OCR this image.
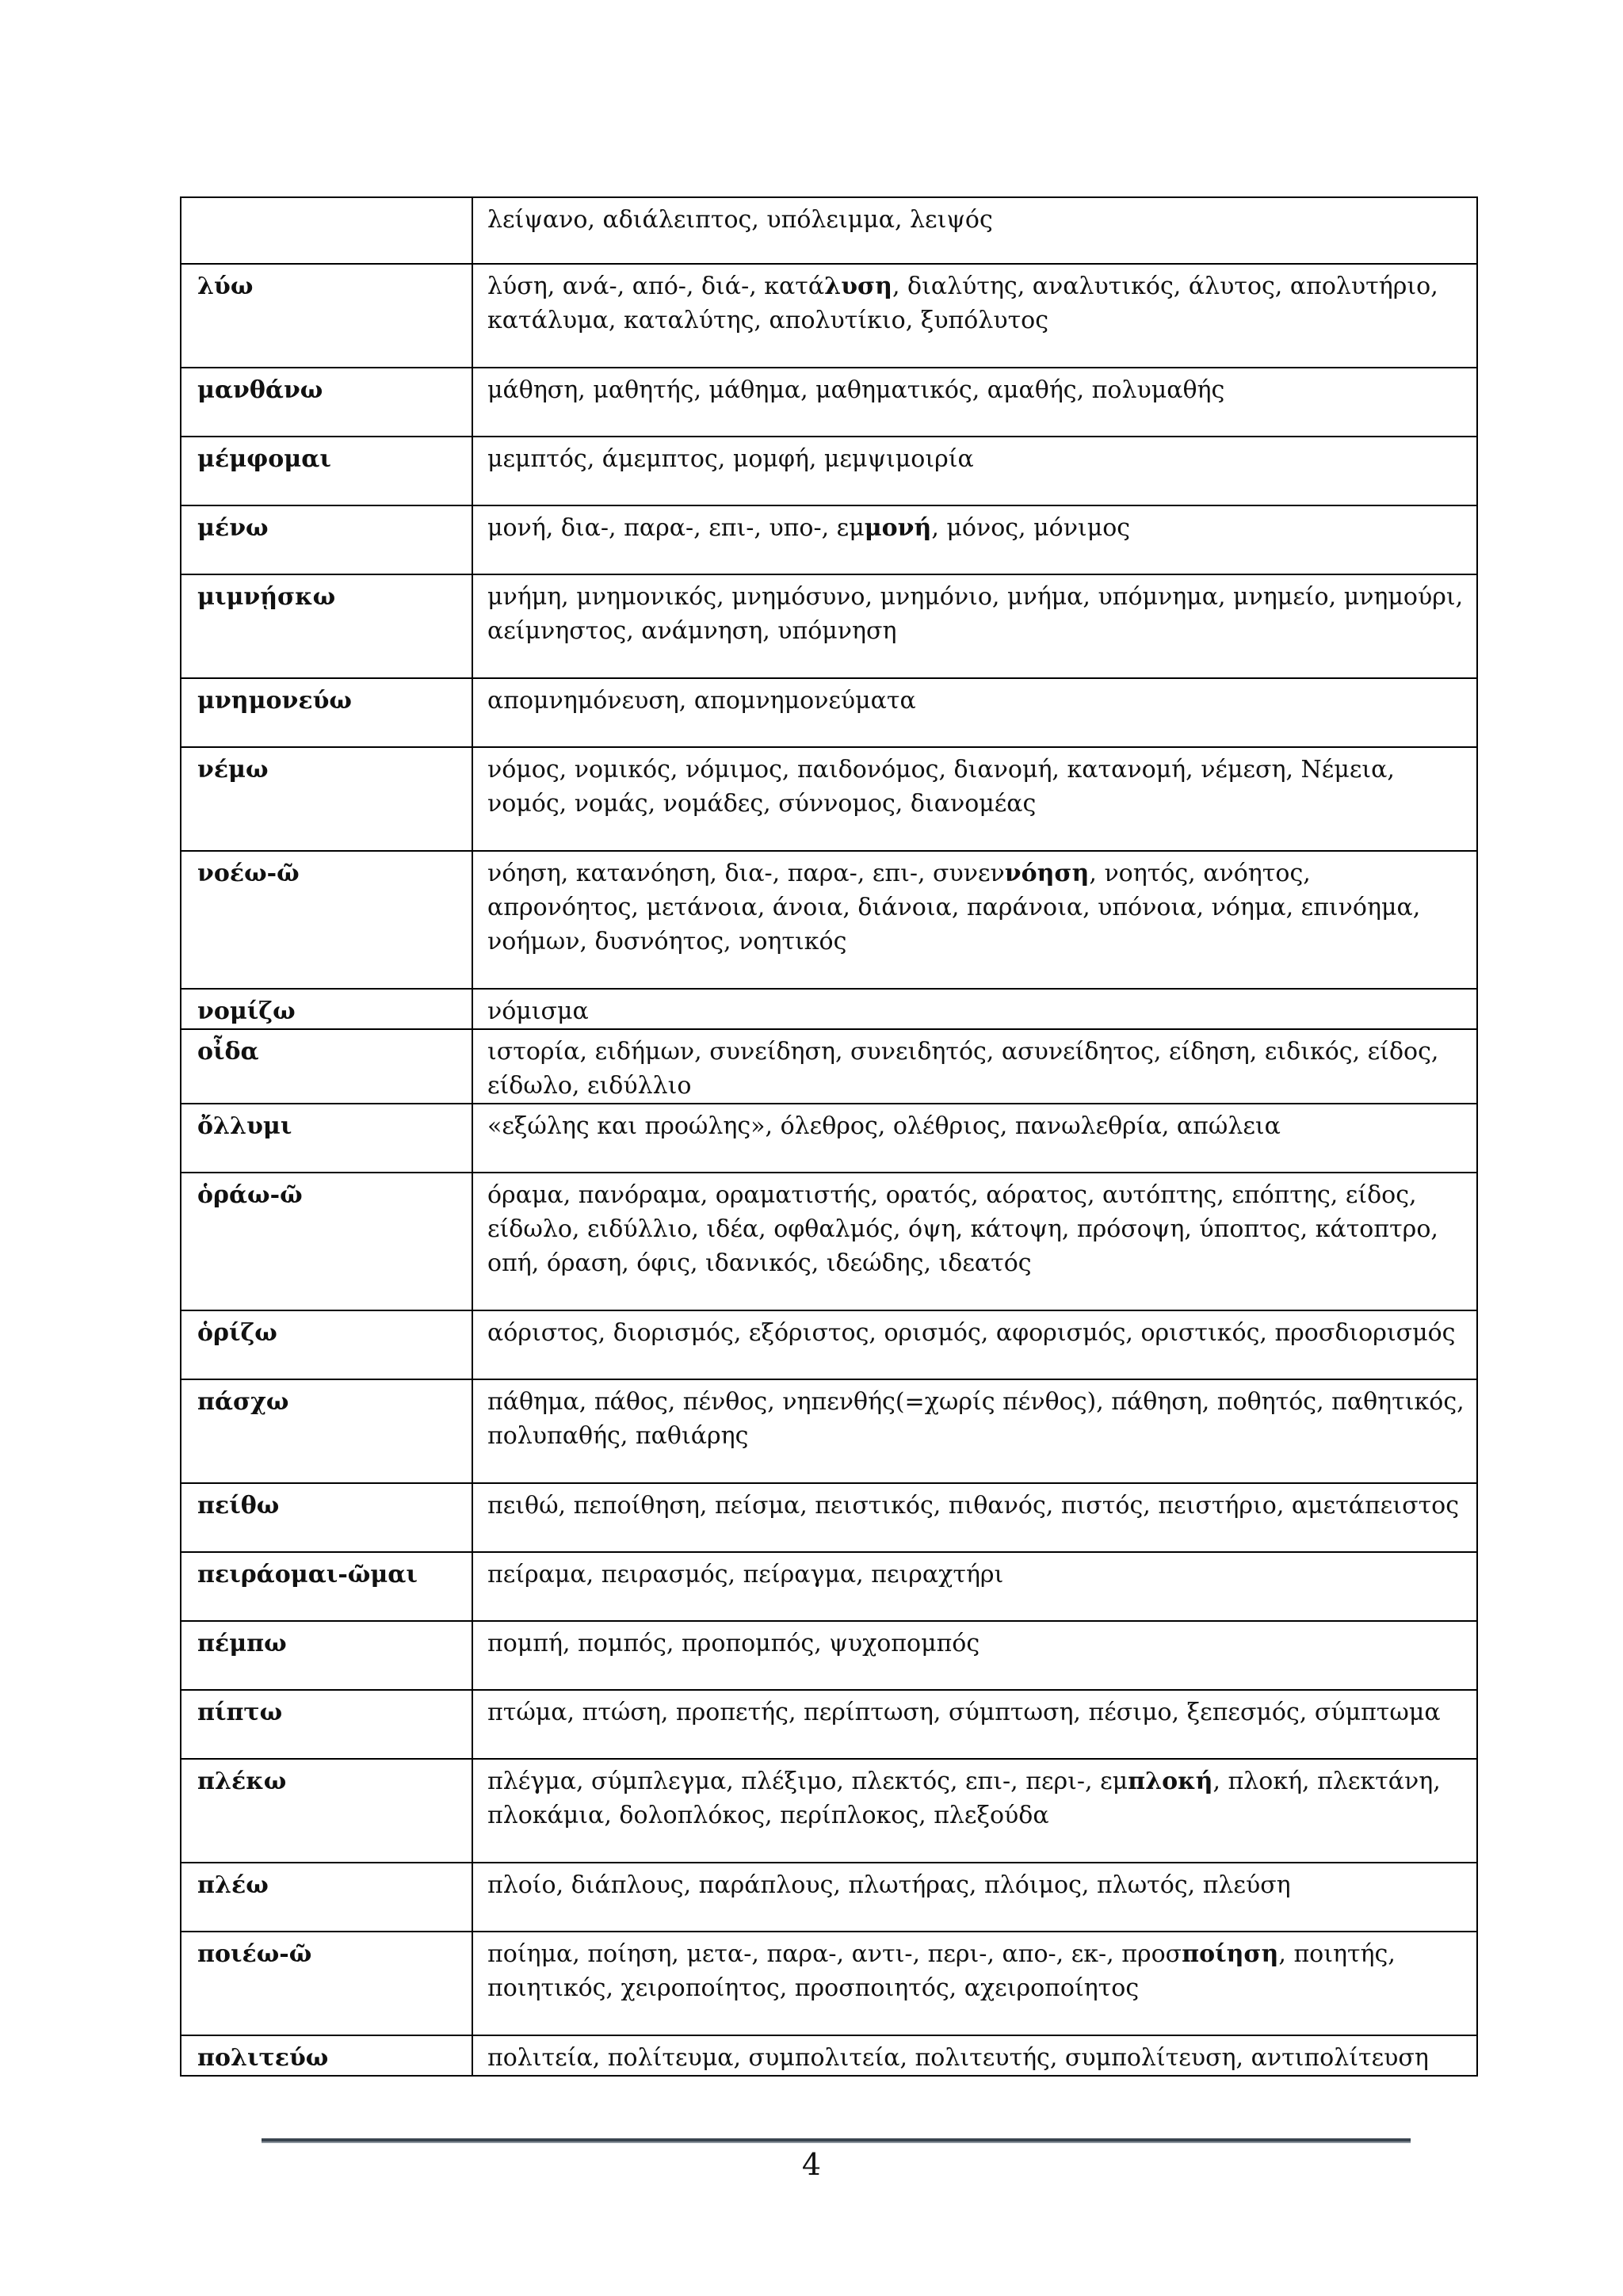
	λείψανο, αδιάλειπτος, υπόλειμμα, λειψός
λύω	λύση, ανά-, από-, διά-, κατάλυση, διαλύτης, αναλυτικός, άλυτος, απολυτήριο, κατάλυμα, καταλύτης, απολυτίκιο, ξυπόλυτος
μανθάνω	μάθηση, μαθητής, μάθημα, μαθηματικός, αμαθής, πολυμαθής
μέμφομαι	μεμπτός, άμεμπτος, μομφή, μεμψιμοιρία
μένω	μονή, δια-, παρα-, επι-, υπο-, εμμονή, μόνος, μόνιμος
μιμνῄσκω	μνήμη, μνημονικός, μνημόσυνο, μνημόνιο, μνήμα, υπόμνημα, μνημείο, μνημούρι, αείμνηστος, ανάμνηση, υπόμνηση
μνημονεύω	απομνημόνευση, απομνημονεύματα
νέμω	νόμος, νομικός, νόμιμος, παιδονόμος, διανομή, κατανομή, νέμεση, Νέμεια, νομός, νομάς, νομάδες, σύννομος, διανομέας
νοέω-ῶ	νόηση, κατανόηση, δια-, παρα-, επι-, συνεννόηση, νοητός, ανόητος, απρονόητος, μετάνοια, άνοια, διάνοια, παράνοια, υπόνοια, νόημα, επινόημα, νοήμων, δυσνόητος, νοητικός
νομίζω	νόμισμα
οἶδα	ιστορία, ειδήμων, συνείδηση, συνειδητός, ασυνείδητος, είδηση, ειδικός, είδος, είδωλο, ειδύλλιο
ὄλλυμι	«εξώλης και προώλης», όλεθρος, ολέθριος, πανωλεθρία, απώλεια
ὁράω-ῶ	όραμα, πανόραμα, οραματιστής, ορατός, αόρατος, αυτόπτης, επόπτης, είδος, είδωλο, ειδύλλιο, ιδέα, οφθαλμός, όψη, κάτοψη, πρόσοψη, ύποπτος, κάτοπτρο, οπή, όραση, όφις, ιδανικός, ιδεώδης, ιδεατός
ὁρίζω	αόριστος, διορισμός, εξόριστος, ορισμός, αφορισμός, οριστικός, προσδιορισμός
πάσχω	πάθημα, πάθος, πένθος, νηπενθής(=χωρίς πένθος), πάθηση, ποθητός, παθητικός, πολυπαθής, παθιάρης
πείθω	πειθώ, πεποίθηση, πείσμα, πειστικός, πιθανός, πιστός, πειστήριο, αμετάπειστος
πειράομαι-ῶμαι	πείραμα, πειρασμός, πείραγμα, πειραχτήρι
πέμπω	πομπή, πομπός, προπομπός, ψυχοπομπός
πίπτω	πτώμα, πτώση, προπετής, περίπτωση, σύμπτωση, πέσιμο, ξεπεσμός, σύμπτωμα
πλέκω	πλέγμα, σύμπλεγμα, πλέξιμο, πλεκτός, επι-, περι-, εμπλοκή, πλοκή, πλεκτάνη, πλοκάμια, δολοπλόκος, περίπλοκος, πλεξούδα
πλέω	πλοίο, διάπλους, παράπλους, πλωτήρας, πλόιμος, πλωτός, πλεύση
ποιέω-ῶ	ποίημα, ποίηση, μετα-, παρα-, αντι-, περι-, απο-, εκ-, προσποίηση, ποιητής, ποιητικός, χειροποίητος, προσποιητός, αχειροποίητος
πολιτεύω	πολιτεία, πολίτευμα, συμπολιτεία, πολιτευτής, συμπολίτευση, αντιπολίτευση
4
